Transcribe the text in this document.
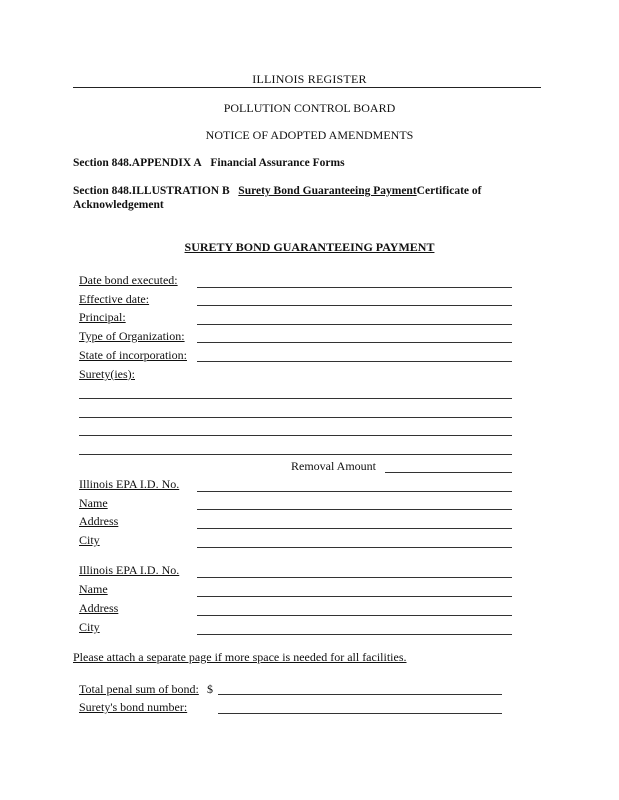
ILLINOIS REGISTER
POLLUTION CONTROL BOARD
NOTICE OF ADOPTED AMENDMENTS
Section 848.APPENDIX A Financial Assurance Forms
Section 848.ILLUSTRATION B Surety Bond Guaranteeing PaymentCertificate of
Acknowledgement
SURETY BOND GUARANTEEING PAYMENT
Date bond executed:
Effective date:
Principal:
Type of Organization:
State of incorporation:
Surety(ies):
Removal Amount
Illinois EPA I.D. No.
Name
Address
City
Illinois EPA I.D. No.
Name
Address
City
Please attach a separate page if more space is needed for all facilities.
Total penal sum of bond: $
Surety's bond number:
